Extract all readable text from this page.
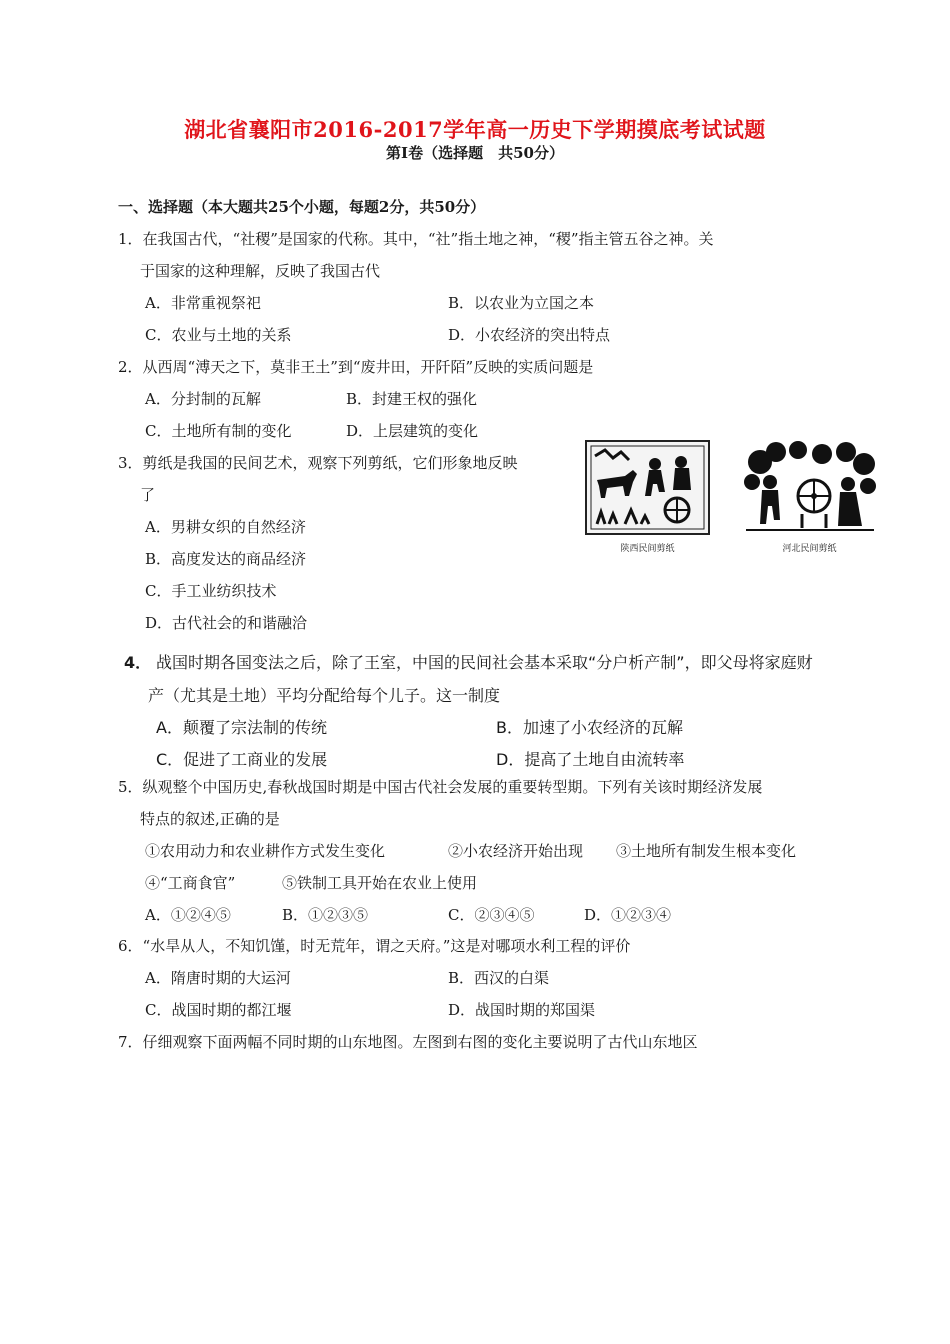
湖北省襄阳市2016-2017学年高一历史下学期摸底考试试题
第Ⅰ卷（选择题　共50分）
一、选择题（本大题共25个小题，每题2分，共50分）
1．在我国古代，“社稷”是国家的代称。其中，“社”指土地之神，“稷”指主管五谷之神。关
于国家的这种理解，反映了我国古代
A．非常重视祭祀	B．以农业为立国之本
C．农业与土地的关系	D．小农经济的突出特点
2．从西周“溥天之下，莫非王土”到“废井田，开阡陌”反映的实质问题是
A．分封制的瓦解	B．封建王权的强化
C．土地所有制的变化	D．上层建筑的变化
3．剪纸是我国的民间艺术，观察下列剪纸，它们形象地反映
了
A．男耕女织的自然经济
B．高度发达的商品经济
C．手工业纺织技术
D．古代社会的和谐融洽
陕西民间剪纸	河北民间剪纸
4． 战国时期各国变法之后，除了王室，中国的民间社会基本采取“分户析产制”，即父母将家庭财
产（尤其是土地）平均分配给每个儿子。这一制度
A．颠覆了宗法制的传统	B．加速了小农经济的瓦解
C．促进了工商业的发展	D．提高了土地自由流转率
5．纵观整个中国历史,春秋战国时期是中国古代社会发展的重要转型期。下列有关该时期经济发展
特点的叙述,正确的是
①农用动力和农业耕作方式发生变化	②小农经济开始出现 ③土地所有制发生根本变化
④“工商食官”	⑤铁制工具开始在农业上使用
A．①②④⑤	B．①②③⑤	C．②③④⑤	D．①②③④
6．“水旱从人，不知饥馑，时无荒年，谓之天府。”这是对哪项水利工程的评价
A．隋唐时期的大运河	B．西汉的白渠
C．战国时期的都江堰	D．战国时期的郑国渠
7．仔细观察下面两幅不同时期的山东地图。左图到右图的变化主要说明了古代山东地区
